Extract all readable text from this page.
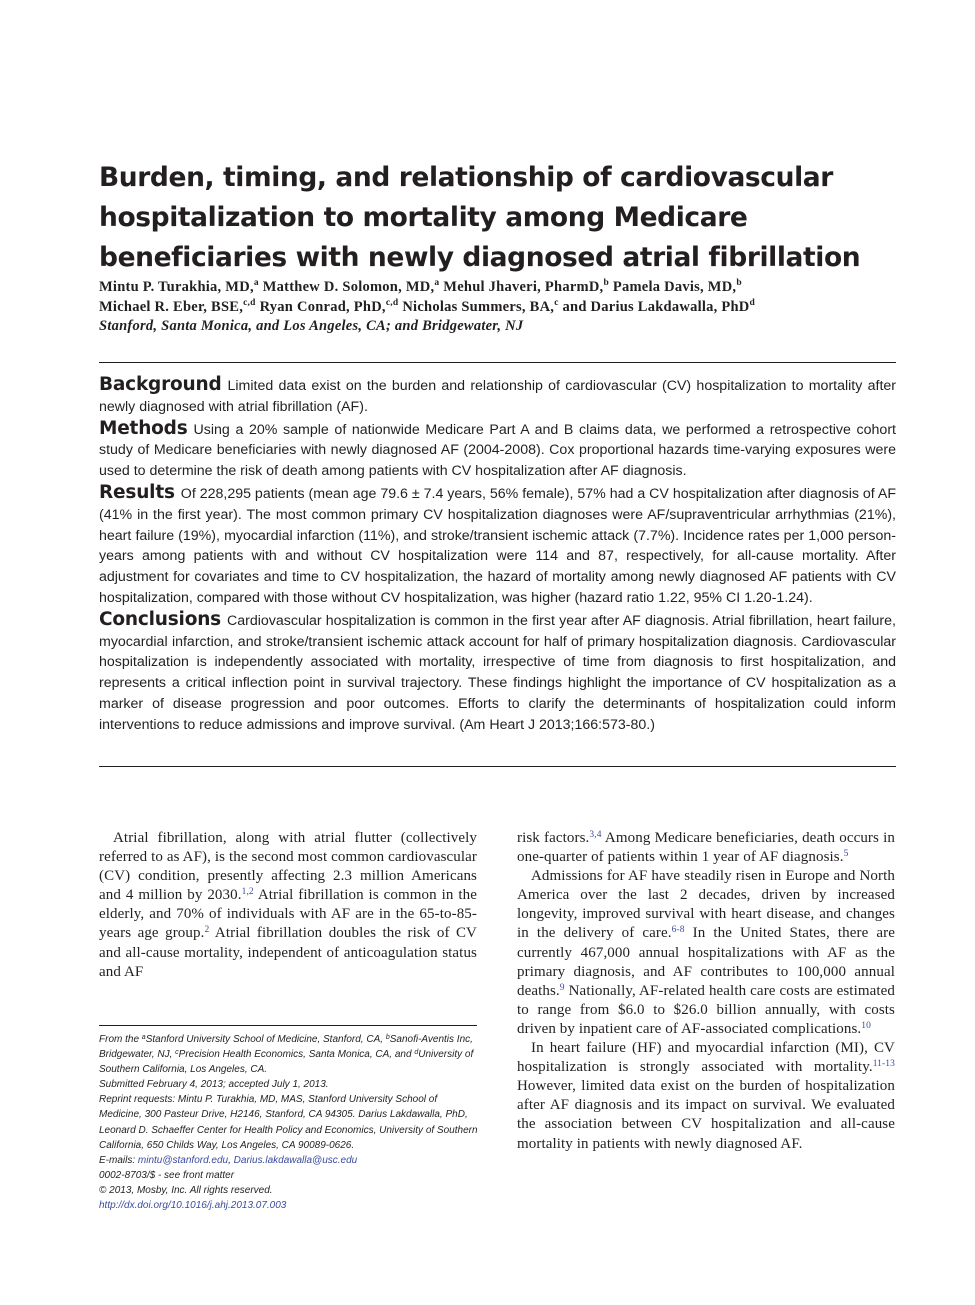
Burden, timing, and relationship of cardiovascular hospitalization to mortality among Medicare beneficiaries with newly diagnosed atrial fibrillation
Mintu P. Turakhia, MD,$^a$ Matthew D. Solomon, MD,$^a$ Mehul Jhaveri, PharmD,$^b$ Pamela Davis, MD,$^b$
Michael R. Eber, BSE,$^{c,d}$ Ryan Conrad, PhD,$^{c,d}$ Nicholas Summers, BA,$^c$ and Darius Lakdawalla, PhD$^d$
Stanford, Santa Monica, and Los Angeles, CA; and Bridgewater, NJ

Background Limited data exist on the burden and relationship of cardiovascular (CV) hospitalization to mortality after newly diagnosed with atrial fibrillation (AF).

Methods Using a 20% sample of nationwide Medicare Part A and B claims data, we performed a retrospective cohort study of Medicare beneficiaries with newly diagnosed AF (2004-2008). Cox proportional hazards time-varying exposures were used to determine the risk of death among patients with CV hospitalization after AF diagnosis.

Results Of 228,295 patients (mean age 79.6 ± 7.4 years, 56% female), 57% had a CV hospitalization after diagnosis of AF (41% in the first year). The most common primary CV hospitalization diagnoses were AF/supraventricular arrhythmias (21%), heart failure (19%), myocardial infarction (11%), and stroke/transient ischemic attack (7.7%). Incidence rates per 1,000 person-years among patients with and without CV hospitalization were 114 and 87, respectively, for all-cause mortality. After adjustment for covariates and time to CV hospitalization, the hazard of mortality among newly diagnosed AF patients with CV hospitalization, compared with those without CV hospitalization, was higher (hazard ratio 1.22, 95% CI 1.20-1.24).

Conclusions Cardiovascular hospitalization is common in the first year after AF diagnosis. Atrial fibrillation, heart failure, myocardial infarction, and stroke/transient ischemic attack account for half of primary hospitalization diagnosis. Cardiovascular hospitalization is independently associated with mortality, irrespective of time from diagnosis to first hospitalization, and represents a critical inflection point in survival trajectory. These findings highlight the importance of CV hospitalization as a marker of disease progression and poor outcomes. Efforts to clarify the determinants of hospitalization could inform interventions to reduce admissions and improve survival. (Am Heart J 2013;166:573-80.)

Atrial fibrillation, along with atrial flutter (collectively referred to as AF), is the second most common cardiovascular (CV) condition, presently affecting 2.3 million Americans and 4 million by 2030.$^{1,2}$ Atrial fibrillation is common in the elderly, and 70% of individuals with AF are in the 65-to-85-years age group.$^2$ Atrial fibrillation doubles the risk of CV and all-cause mortality, independent of anticoagulation status and AF

risk factors.$^{3,4}$ Among Medicare beneficiaries, death occurs in one-quarter of patients within 1 year of AF diagnosis.$^5$

Admissions for AF have steadily risen in Europe and North America over the last 2 decades, driven by increased longevity, improved survival with heart disease, and changes in the delivery of care.$^{6-8}$ In the United States, there are currently 467,000 annual hospitalizations with AF as the primary diagnosis, and AF contributes to 100,000 annual deaths.$^9$ Nationally, AF-related health care costs are estimated to range from $6.0 to $26.0 billion annually, with costs driven by inpatient care of AF-associated complications.$^{10}$

In heart failure (HF) and myocardial infarction (MI), CV hospitalization is strongly associated with mortality.$^{11-13}$ However, limited data exist on the burden of hospitalization after AF diagnosis and its impact on survival. We evaluated the association between CV hospitalization and all-cause mortality in patients with newly diagnosed AF.

From the $^a$Stanford University School of Medicine, Stanford, CA, $^b$Sanofi-Aventis Inc, Bridgewater, NJ, $^c$Precision Health Economics, Santa Monica, CA, and $^d$University of Southern California, Los Angeles, CA.

Submitted February 4, 2013; accepted July 1, 2013.

Reprint requests: Mintu P. Turakhia, MD, MAS, Stanford University School of Medicine, 300 Pasteur Drive, H2146, Stanford, CA 94305. Darius Lakdawalla, PhD, Leonard D. Schaeffer Center for Health Policy and Economics, University of Southern California, 650 Childs Way, Los Angeles, CA 90089-0626.

E-mails: mintu@stanford.edu, Darius.lakdawalla@usc.edu

0002-8703/$ - see front matter

© 2013, Mosby, Inc. All rights reserved.

http://dx.doi.org/10.1016/j.ahj.2013.07.003
